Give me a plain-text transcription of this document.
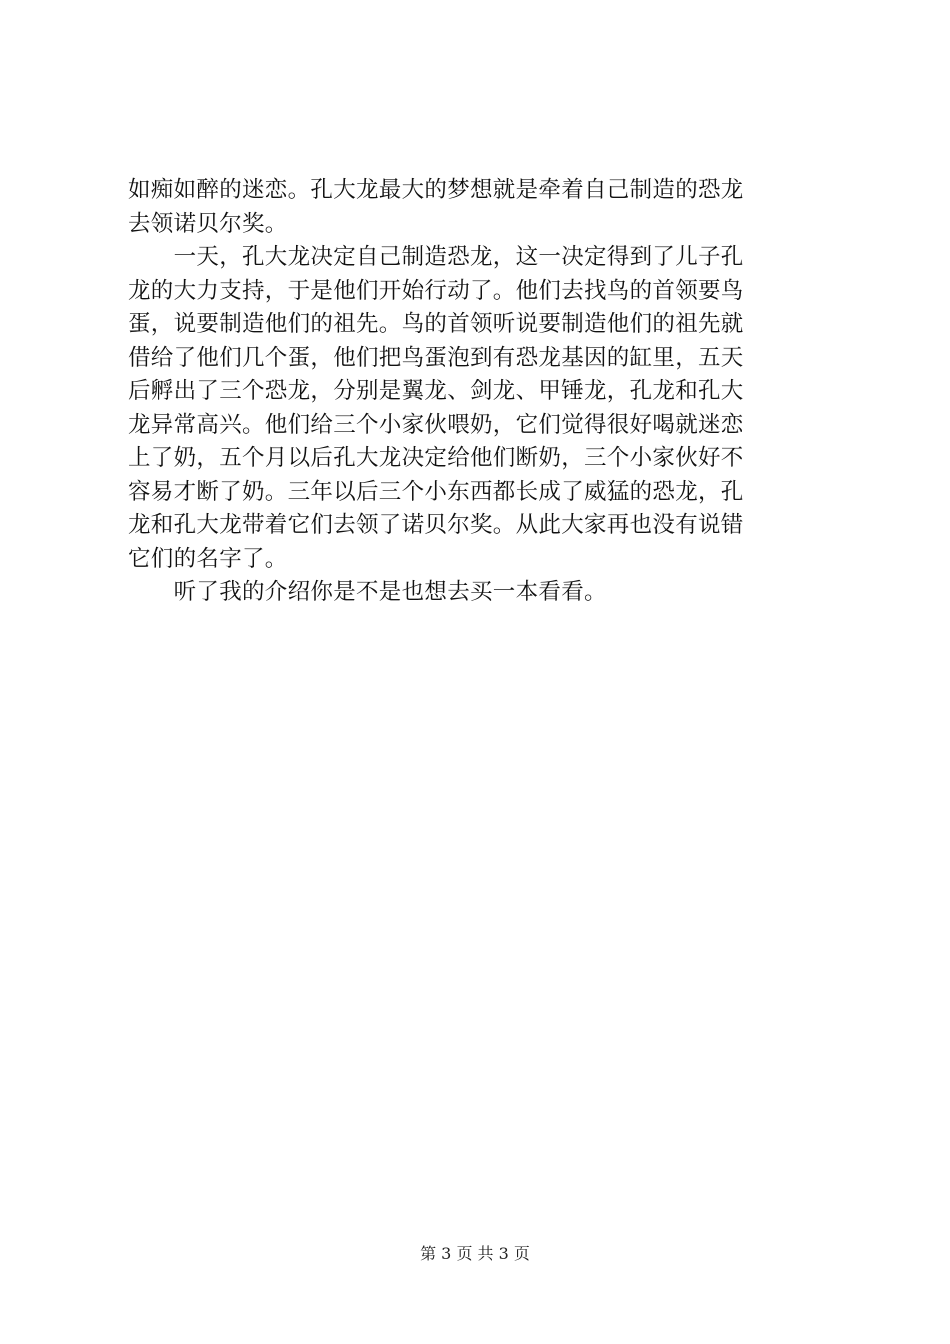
如痴如醉的迷恋。孔大龙最大的梦想就是牵着自己制造的恐龙
去领诺贝尔奖。
　　一天，孔大龙决定自己制造恐龙，这一决定得到了儿子孔
龙的大力支持，于是他们开始行动了。他们去找鸟的首领要鸟
蛋，说要制造他们的祖先。鸟的首领听说要制造他们的祖先就
借给了他们几个蛋，他们把鸟蛋泡到有恐龙基因的缸里，五天
后孵出了三个恐龙，分别是翼龙、剑龙、甲锤龙，孔龙和孔大
龙异常高兴。他们给三个小家伙喂奶，它们觉得很好喝就迷恋
上了奶，五个月以后孔大龙决定给他们断奶，三个小家伙好不
容易才断了奶。三年以后三个小东西都长成了威猛的恐龙，孔
龙和孔大龙带着它们去领了诺贝尔奖。从此大家再也没有说错
它们的名字了。
　　听了我的介绍你是不是也想去买一本看看。
第 3 页 共 3 页
